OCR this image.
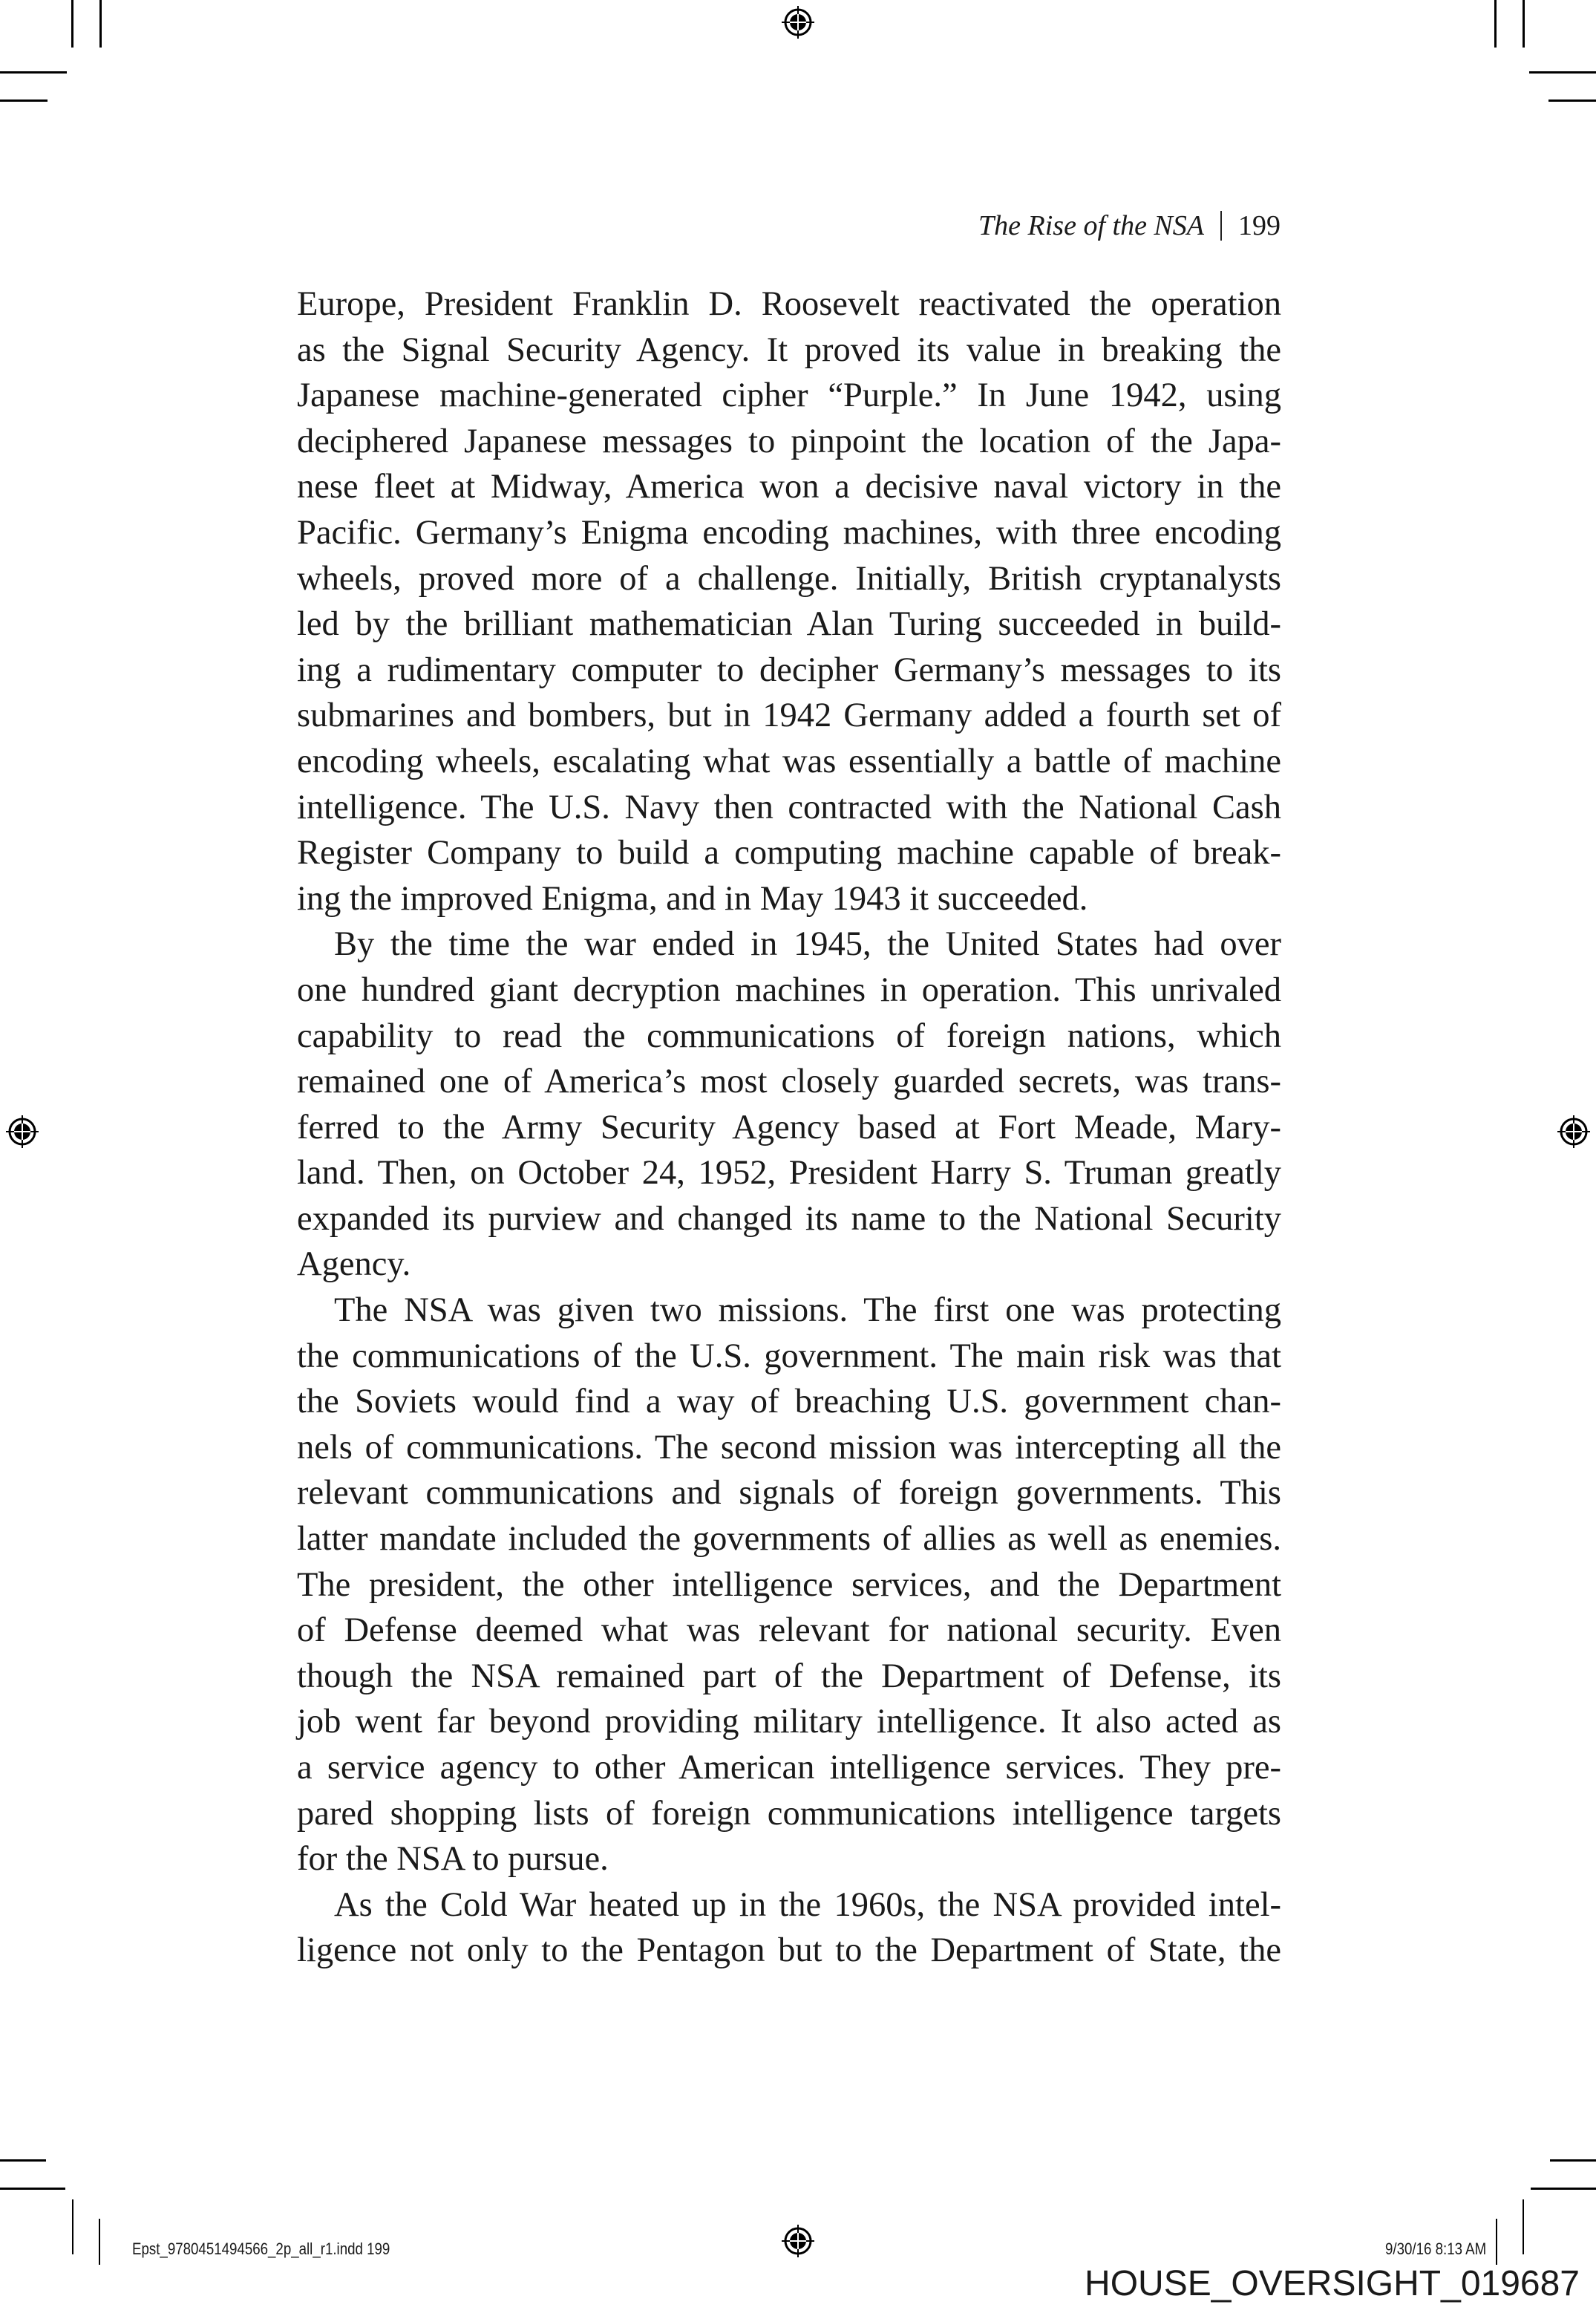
The Rise of the NSA 199
Europe, President Franklin D. Roosevelt reactivated the operation
as the Signal Security Agency. It proved its value in breaking the
Japanese machine-generated cipher “Purple.” In June 1942, using
deciphered Japanese messages to pinpoint the location of the Japa-
nese fleet at Midway, America won a decisive naval victory in the
Pacific. Germany’s Enigma encoding machines, with three encoding
wheels, proved more of a challenge. Initially, British cryptanalysts
led by the brilliant mathematician Alan Turing succeeded in build-
ing a rudimentary computer to decipher Germany’s messages to its
submarines and bombers, but in 1942 Germany added a fourth set of
encoding wheels, escalating what was essentially a battle of machine
intelligence. The U.S. Navy then contracted with the National Cash
Register Company to build a computing machine capable of break-
ing the improved Enigma, and in May 1943 it succeeded.
By the time the war ended in 1945, the United States had over
one hundred giant decryption machines in operation. This unrivaled
capability to read the communications of foreign nations, which
remained one of America’s most closely guarded secrets, was trans-
ferred to the Army Security Agency based at Fort Meade, Mary-
land. Then, on October 24, 1952, President Harry S. Truman greatly
expanded its purview and changed its name to the National Security
Agency.
The NSA was given two missions. The first one was protecting
the communications of the U.S. government. The main risk was that
the Soviets would find a way of breaching U.S. government chan-
nels of communications. The second mission was intercepting all the
relevant communications and signals of foreign governments. This
latter mandate included the governments of allies as well as enemies.
The president, the other intelligence services, and the Department
of Defense deemed what was relevant for national security. Even
though the NSA remained part of the Department of Defense, its
job went far beyond providing military intelligence. It also acted as
a service agency to other American intelligence services. They pre-
pared shopping lists of foreign communications intelligence targets
for the NSA to pursue.
As the Cold War heated up in the 1960s, the NSA provided intel-
ligence not only to the Pentagon but to the Department of State, the
Epst_9780451494566_2p_all_r1.indd 199	9/30/16 8:13 AM
HOUSE_OVERSIGHT_019687
